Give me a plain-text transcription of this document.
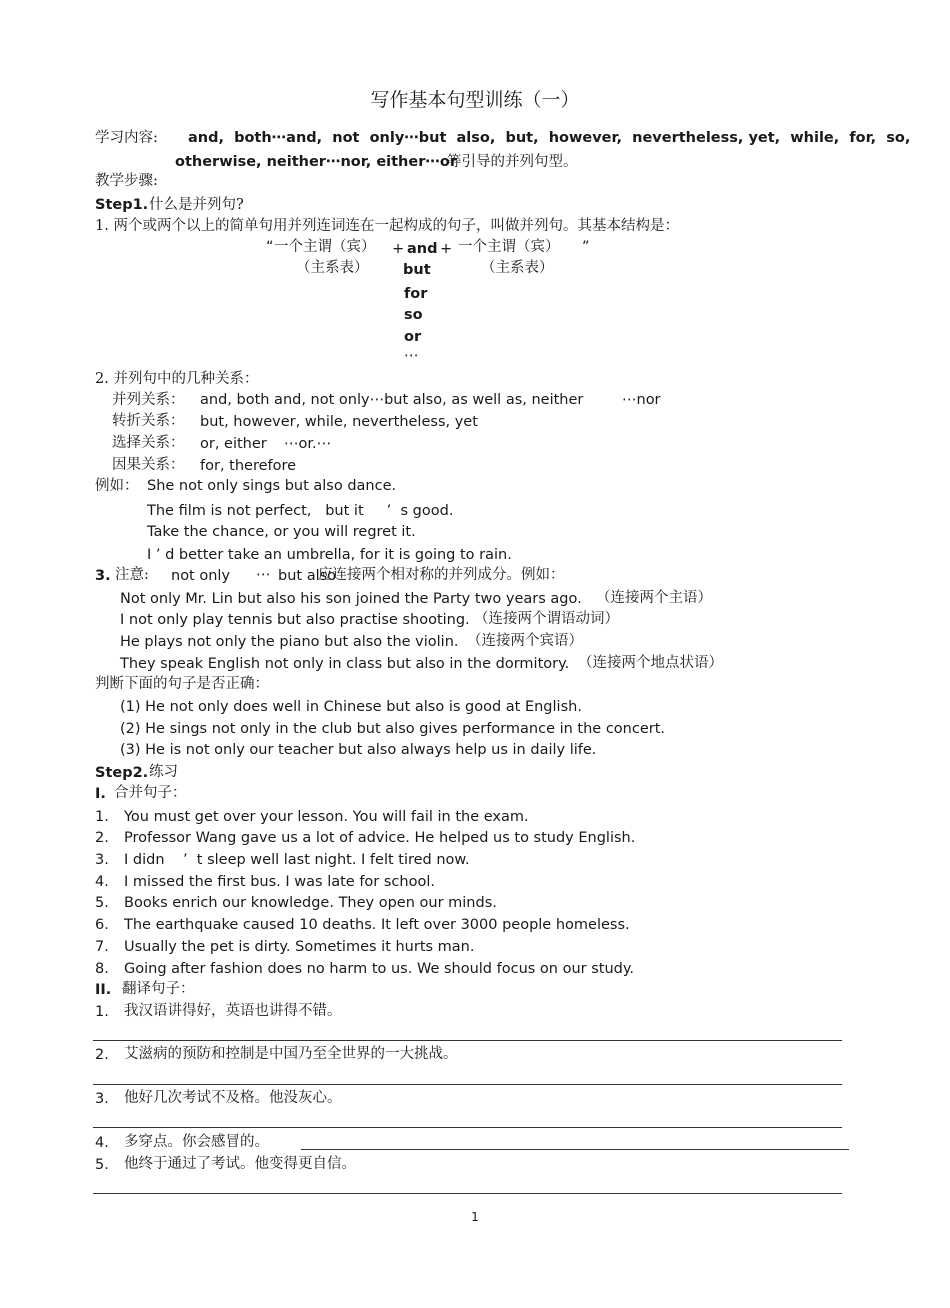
写作基本句型训练（一）
学习内容: and,  both⋯and,  not  only⋯but  also,  but,  however,  nevertheless, yet,  while,  for,  so,
otherwise, neither⋯nor, either⋯or
等引导的并列句型。
教学步骤:
Step1. 什么是并列句?
1. 两个或两个以上的简单句用并列连词连在一起构成的句子，叫做并列句。其基本结构是：
“ 一个主谓（宾） + and + 一个主谓（宾） ”
（主系表）	（主系表）
but
for
so
or
⋯
2. 并列句中的几种关系：
并列关系： and, both and, not only⋯but also, as well as, neither	⋯nor
转折关系： but, however, while, nevertheless, yet
选择关系： or, either ⋯or.⋯
因果关系： for, therefore
例如： She not only sings but also dance.
The film is not perfect,   but it     ’  s good.
Take the chance, or you will regret it.
I ’ d better take an umbrella, for it is going to rain.
3. 注意: not only ⋯ but also
应连接两个相对称的并列成分。例如：
Not only Mr. Lin but also his son joined the Party two years ago. （连接两个主语）
I not only play tennis but also practise shooting. （连接两个谓语动词）
He plays not only the piano but also the violin. （连接两个宾语）
They speak English not only in class but also in the dormitory. （连接两个地点状语）
判断下面的句子是否正确：
(1) He not only does well in Chinese but also is good at English.
(2) He sings not only in the club but also gives performance in the concert.
(3) He is not only our teacher but also always help us in daily life.
Step2. 练习
I. 合并句子：
1. You must get over your lesson. You will fail in the exam.
2. Professor Wang gave us a lot of advice. He helped us to study English.
3. I didn    ’  t sleep well last night. I felt tired now.
4. I missed the first bus. I was late for school.
5. Books enrich our knowledge. They open our minds.
6. The earthquake caused 10 deaths. It left over 3000 people homeless.
7. Usually the pet is dirty. Sometimes it hurts man.
8. Going after fashion does no harm to us. We should focus on our study.
II. 翻译句子：
1. 我汉语讲得好，英语也讲得不错。
2. 艾滋病的预防和控制是中国乃至全世界的一大挑战。
3. 他好几次考试不及格。他没灰心。
4. 多穿点。你会感冒的。
5. 他终于通过了考试。他变得更自信。
1
